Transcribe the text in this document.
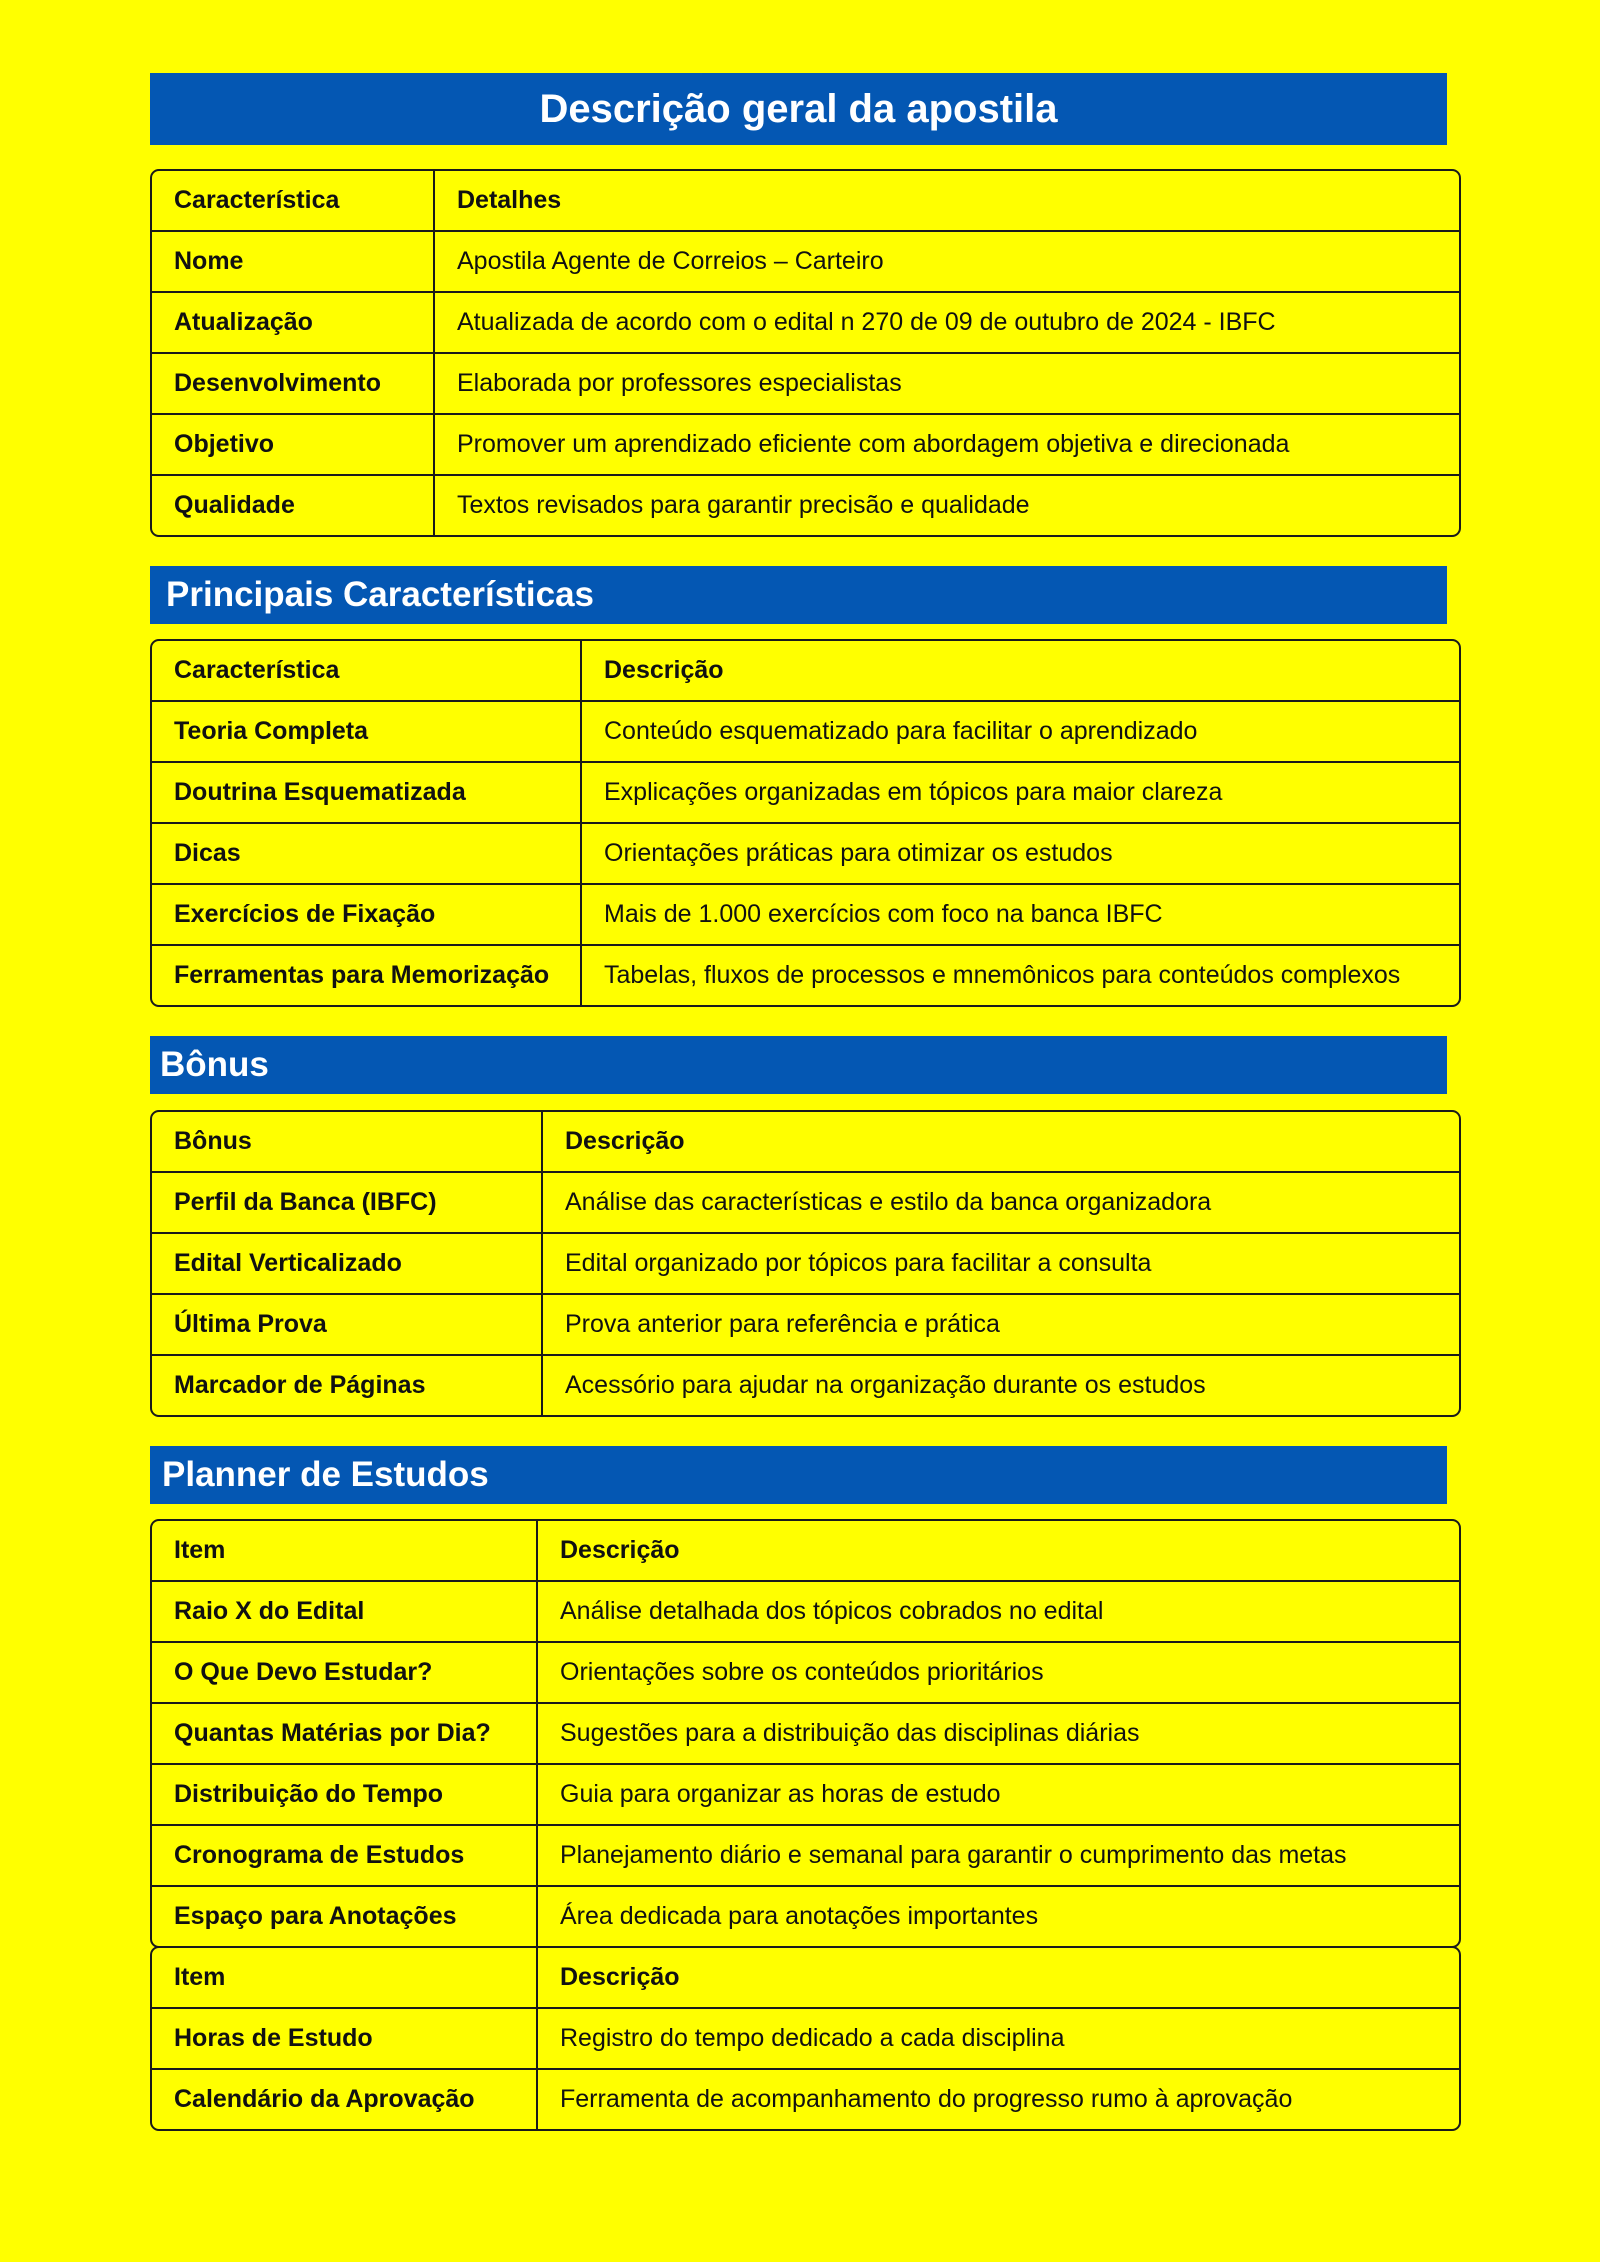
Descrição geral da apostila
Característica	Detalhes
Nome	Apostila Agente de Correios – Carteiro
Atualização	Atualizada de acordo com o edital n 270 de 09 de outubro de 2024 - IBFC
Desenvolvimento	Elaborada por professores especialistas
Objetivo	Promover um aprendizado eficiente com abordagem objetiva e direcionada
Qualidade	Textos revisados para garantir precisão e qualidade
Principais Características
Característica	Descrição
Teoria Completa	Conteúdo esquematizado para facilitar o aprendizado
Doutrina Esquematizada	Explicações organizadas em tópicos para maior clareza
Dicas	Orientações práticas para otimizar os estudos
Exercícios de Fixação	Mais de 1.000 exercícios com foco na banca IBFC
Ferramentas para Memorização	Tabelas, fluxos de processos e mnemônicos para conteúdos complexos
Bônus
Bônus	Descrição
Perfil da Banca (IBFC)	Análise das características e estilo da banca organizadora
Edital Verticalizado	Edital organizado por tópicos para facilitar a consulta
Última Prova	Prova anterior para referência e prática
Marcador de Páginas	Acessório para ajudar na organização durante os estudos
Planner de Estudos
Item	Descrição
Raio X do Edital	Análise detalhada dos tópicos cobrados no edital
O Que Devo Estudar?	Orientações sobre os conteúdos prioritários
Quantas Matérias por Dia?	Sugestões para a distribuição das disciplinas diárias
Distribuição do Tempo	Guia para organizar as horas de estudo
Cronograma de Estudos	Planejamento diário e semanal para garantir o cumprimento das metas
Espaço para Anotações	Área dedicada para anotações importantes
Item	Descrição
Horas de Estudo	Registro do tempo dedicado a cada disciplina
Calendário da Aprovação	Ferramenta de acompanhamento do progresso rumo à aprovação
